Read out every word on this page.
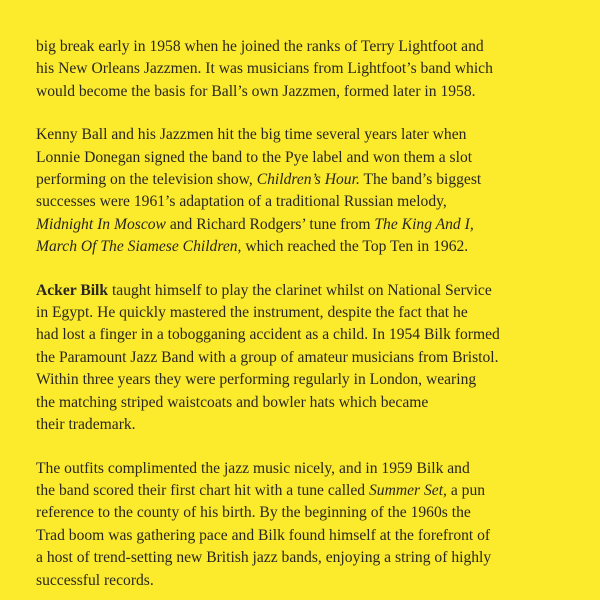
big break early in 1958 when he joined the ranks of Terry Lightfoot and
his New Orleans Jazzmen. It was musicians from Lightfoot’s band which
would become the basis for Ball’s own Jazzmen, formed later in 1958.

Kenny Ball and his Jazzmen hit the big time several years later when
Lonnie Donegan signed the band to the Pye label and won them a slot
performing on the television show, Children’s Hour. The band’s biggest
successes were 1961’s adaptation of a traditional Russian melody,
Midnight In Moscow and Richard Rodgers’ tune from The King And I,
March Of The Siamese Children, which reached the Top Ten in 1962.

Acker Bilk taught himself to play the clarinet whilst on National Service
in Egypt. He quickly mastered the instrument, despite the fact that he
had lost a finger in a tobogganing accident as a child. In 1954 Bilk formed
the Paramount Jazz Band with a group of amateur musicians from Bristol.
Within three years they were performing regularly in London, wearing
the matching striped waistcoats and bowler hats which became
their trademark.

The outfits complimented the jazz music nicely, and in 1959 Bilk and
the band scored their first chart hit with a tune called Summer Set, a pun
reference to the county of his birth. By the beginning of the 1960s the
Trad boom was gathering pace and Bilk found himself at the forefront of
a host of trend-setting new British jazz bands, enjoying a string of highly
successful records.
